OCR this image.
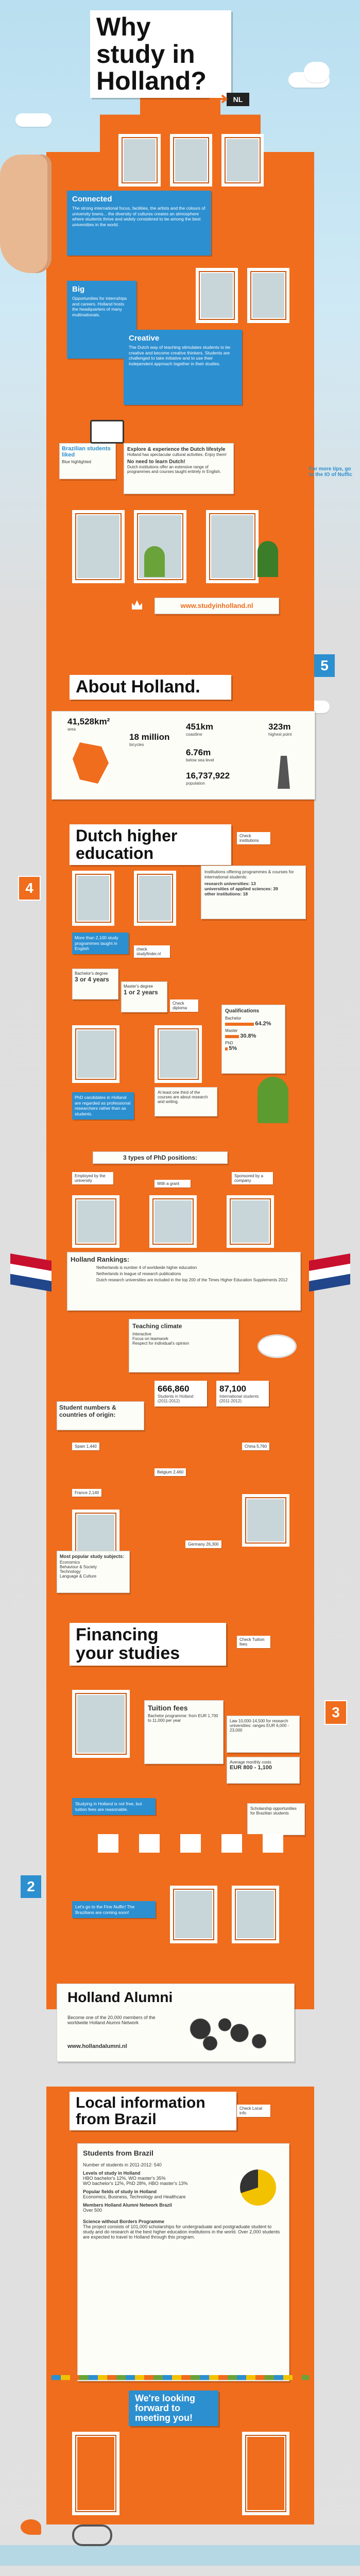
Why
study in
Holland?
NL
Connected

The strong international focus, facilities, the artists and the colours of university towns... the diversity of cultures creates an atmosphere where students thrive and widely considered to be among the best universities in the world.

Big

Opportunities for internships and careers. Holland hosts the headquarters of many multinationals.

Creative

The Dutch way of teaching stimulates students to be creative and become creative thinkers. Students are challenged to take initiative and to use their independent approach together in their studies.

Brazilian students liked
Blue highlighted
Explore & experience the Dutch lifestyle
Holland has spectacular cultural activities. Enjoy them!
No need to learn Dutch!
Dutch institutions offer an extensive range of programmes and courses taught entirely in English.	For more tips, go to the IO of Nuffic
www.studyinholland.nl
5
About Holland.
41,528km²
area
18 million
bicycles
451km
coastline
6.76m
below sea level
16,737,922
population
323m
highest point
4
Dutch higher
education
Check institutions
Institutions offering programmes & courses for international students:
research universities: 13
universities of applied sciences: 39
other institutions: 18

More than 2,100 study programmes taught in English	check studyfinder.nl
Bachelor's degree
3 or 4 years
Master's degree
1 or 2 years
Check diploma
Qualifications
Bachelor
64.2%
Master
30.8%
PhD
5%

PhD candidates in Holland are regarded as professional researchers rather than as students.

At least one third of the courses are about research and writing.
3 types of PhD positions:
Employed by the university
With a grant
Sponsored by a company
Holland Rankings:
Netherlands is number 4 of worldwide higher education
Netherlands in league of research publications
Dutch research universities are included in the top 200 of the Times Higher Education Supplements 2012
Teaching climate
Interactive
Focus on teamwork
Respect for individual's opinion
666,860
Students in Holland (2011-2012)
87,100
International students (2011-2012)
Student numbers & countries of origin:
Spain 1,440
Belgium 2,460
China 5,760
France 2,140
Germany 26,300
Most popular study subjects:
Economics
Behaviour & Society
Technology
Language & Culture
Financing
your studies
Check Tuition fees
3
Tuition fees
Bachelor programme: from EUR 1,700 to 11,000 per year	Law 10,000-14,500 for research universities: ranges EUR 6,000 - 23,000
Average monthly costs
EUR 800 - 1,100

Studying in Holland is not free, but tuition fees are reasonable.	Scholarship opportunities for Brazilian students
2

Let's go to the Fine Nuffic! The Brazilians are coming soon!

Holland Alumni
Become one of the 20,000 members of the worldwide Holland Alumni Network
www.hollandalumni.nl
Local information
from Brazil
Check Local info
Students from Brazil
Number of students in 2011-2012: 540
Levels of study in Holland
HBO bachelor's 12%, WO master's 35%
WO bachelor's 12%, PhD 28%, HBO master's 13%
Popular fields of study in Holland
Economics, Business, Technology and Healthcare
Members Holland Alumni Network Brazil
Over 500
Science without Borders Programme
The project consists of 101,000 scholarships for undergraduate and postgraduate student to study and do research at the best higher education institutions in the world. Over 2,000 students are expected to travel to Holland through this program.
We're looking
forward to
meeting you!
